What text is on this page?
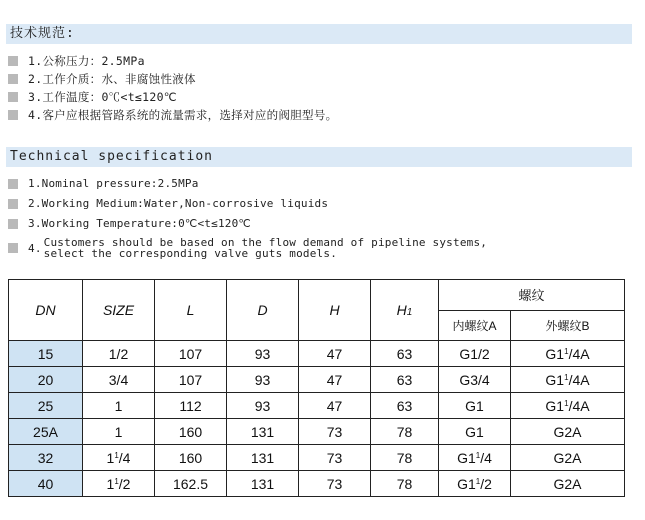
技术规范:
1.公称压力：2.5MPa
2.工作介质：水、非腐蚀性液体
3.工作温度：0℃<t≤120℃
4.客户应根据管路系统的流量需求，选择对应的阀胆型号。
Technical specification
1.Nominal pressure:2.5MPa
2.Working Medium:Water,Non-corrosive liquids
3.Working Temperature:0℃<t≤120℃
4. Customers should be based on the flow demand of pipeline systems,
select the corresponding valve guts models.
DN	SIZE	L	D	H	H1	螺纹	
						内螺纹A	外螺纹B
15	1/2	107	93	47	63	G1/2	$G1^1/4A$
20	3/4	107	93	47	63	G3/4	$G1^1/4A$
25	1	112	93	47	63	G1	$G1^1/4A$
25A	1	160	131	73	78	G1	G2A
32	$1^1/4$	160	131	73	78	$G1^1/4$	G2A
40	$1^1/2$	162.5	131	73	78	$G1^1/2$	G2A
